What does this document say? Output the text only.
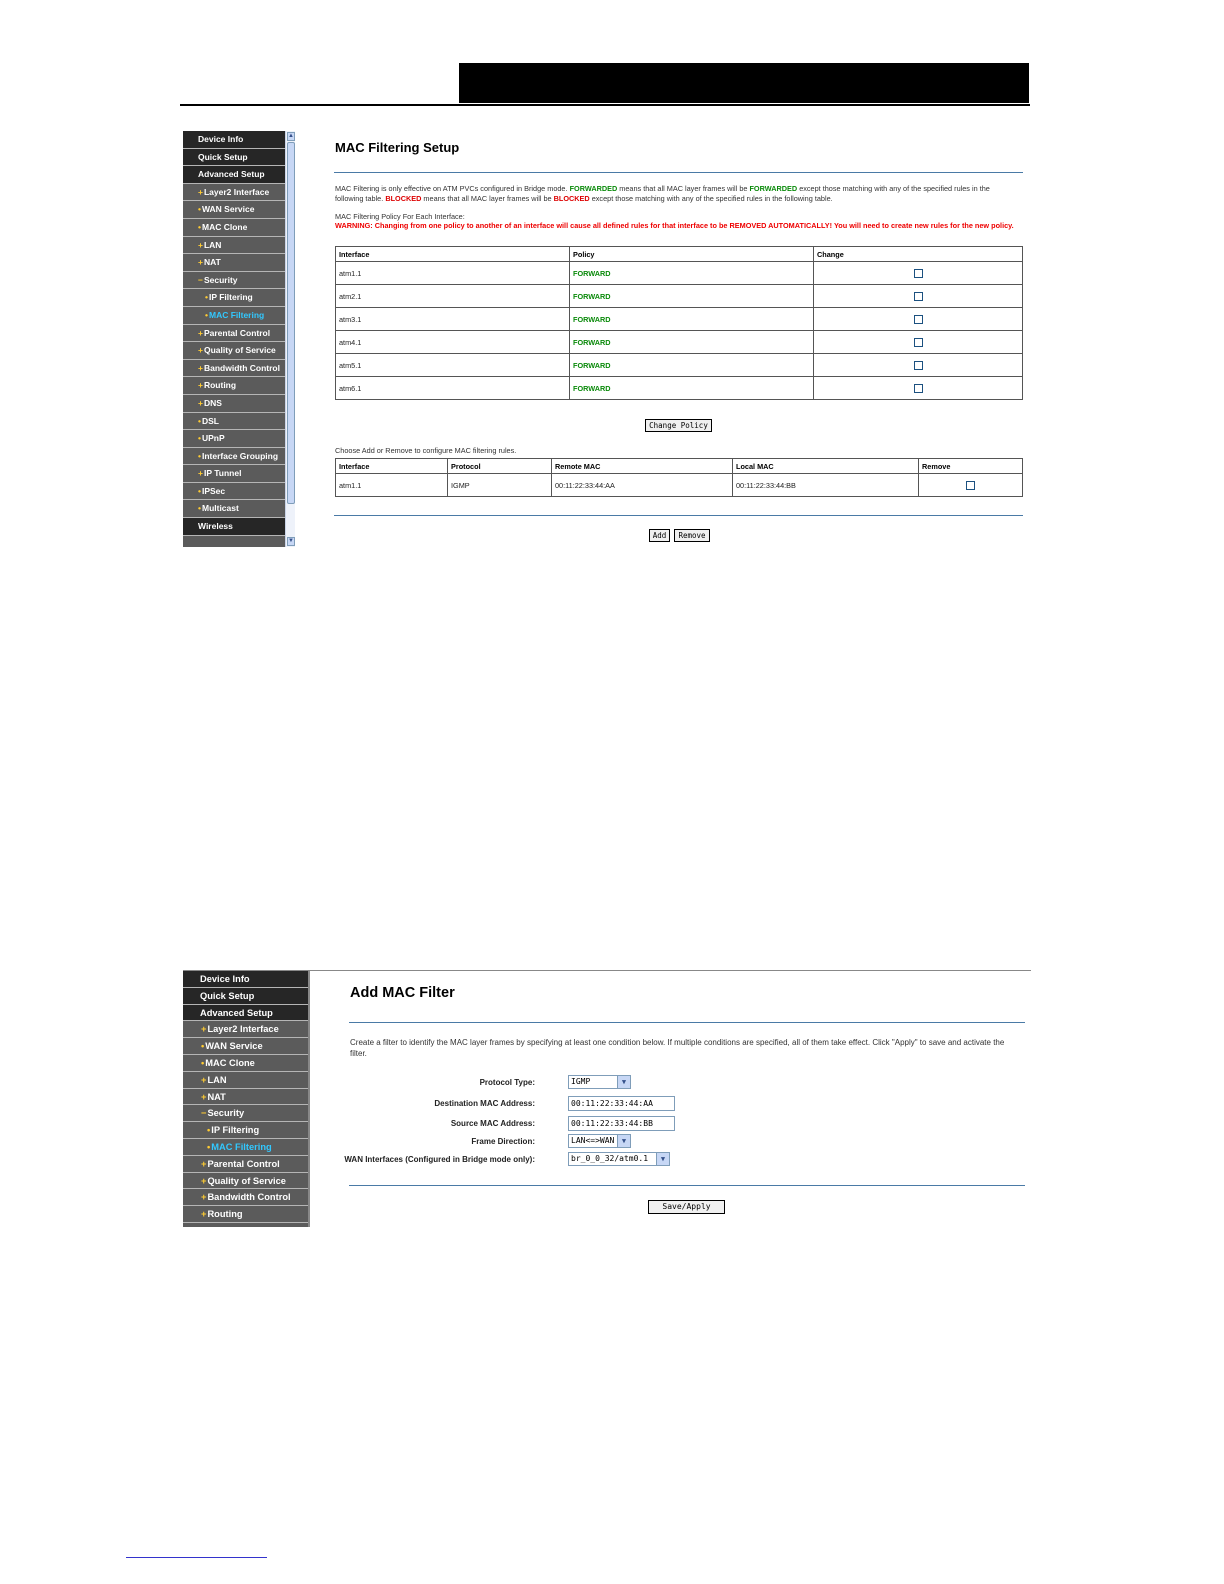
Device Info
Quick Setup
Advanced Setup
+Layer2 Interface
•WAN Service
•MAC Clone
+LAN
+NAT
−Security
•IP Filtering
•MAC Filtering
+Parental Control
+Quality of Service
+Bandwidth Control
+Routing
+DNS
•DSL
•UPnP
•Interface Grouping
+IP Tunnel
•IPSec
•Multicast
Wireless
▲
▼
MAC Filtering Setup
MAC Filtering is only effective on ATM PVCs configured in Bridge mode. FORWARDED means that all MAC layer frames will be FORWARDED except those matching with any of the specified rules in the following table. BLOCKED means that all MAC layer frames will be BLOCKED except those matching with any of the specified rules in the following table.
MAC Filtering Policy For Each Interface:
WARNING: Changing from one policy to another of an interface will cause all defined rules for that interface to be REMOVED AUTOMATICALLY! You will need to create new rules for the new policy.
Interface	Policy	Change
atm1.1	FORWARD	
atm2.1	FORWARD	
atm3.1	FORWARD	
atm4.1	FORWARD	
atm5.1	FORWARD	
atm6.1	FORWARD	
Change Policy
Choose Add or Remove to configure MAC filtering rules.
Interface	Protocol	Remote MAC	Local MAC	Remove
atm1.1	IGMP	00:11:22:33:44:AA	00:11:22:33:44:BB	
Add	Remove
Device Info
Quick Setup
Advanced Setup
+Layer2 Interface
•WAN Service
•MAC Clone
+LAN
+NAT
−Security
•IP Filtering
•MAC Filtering
+Parental Control
+Quality of Service
+Bandwidth Control
+Routing
Add MAC Filter
Create a filter to identify the MAC layer frames by specifying at least one condition below. If multiple conditions are specified, all of them take effect. Click "Apply" to save and activate the filter.
Protocol Type:	IGMP	▼
Destination MAC Address:	00:11:22:33:44:AA
Source MAC Address:	00:11:22:33:44:BB
Frame Direction:	LAN<=>WAN	▼
WAN Interfaces (Configured in Bridge mode only):	br_0_0_32/atm0.1	▼
Save/Apply
